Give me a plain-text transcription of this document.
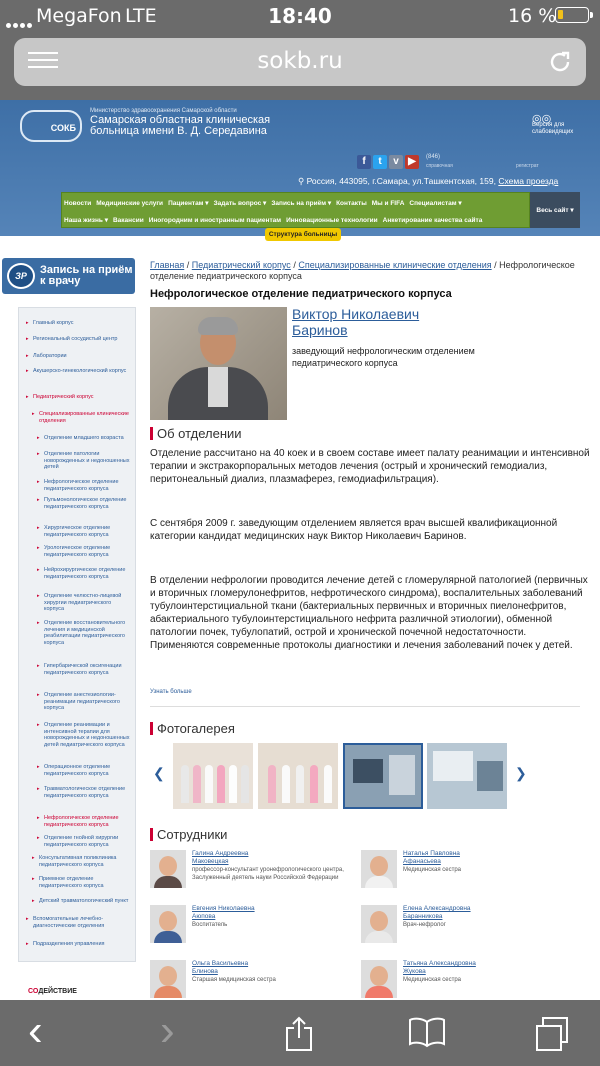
MegaFon LTE	18:40	16 %
sokb.ru
СОКБ
Министерство здравоохранения Самарской области
Самарская областная клиническая
больница имени В. Д. Середавина
◎◎
Версия для
слабовидящих
f t v ▶	(846)
справочная	регистрат
⚲ Россия, 443095, г.Самара, ул.Ташкентская, 159, Схема проезда
Новости Медицинские услуги Пациентам ▾ Задать вопрос ▾ Запись на приём ▾ Контакты Мы и FIFA Специалистам ▾
Наша жизнь ▾ Вакансии Иногородним и иностранным пациентам Инновационные технологии Анкетирование качества сайта
Весь сайт ▾
Структура больницы
ЗР	Запись на приём
к врачу
▸ Главный корпус
▸ Региональный сосудистый центр
▸ Лаборатории
▸ Акушерско-гинекологический корпус
▸ Педиатрический корпус
▸ Специализированные клинические отделения
▸ Отделение младшего возраста
▸ Отделение патологии новорожденных и недоношенных детей
▸ Нефрологическое отделение педиатрического корпуса
▸ Пульмонологическое отделение педиатрического корпуса
▸ Хирургическое отделение педиатрического корпуса
▸ Урологическое отделение педиатрического корпуса
▸ Нейрохирургическое отделение педиатрического корпуса
▸ Отделение челюстно-лицевой хирургии педиатрического корпуса
▸ Отделение восстановительного лечения и медицинской реабилитации педиатрического корпуса
▸ Гипербарической оксигенации педиатрического корпуса
▸ Отделение анестезиологии-реанимации педиатрического корпуса
▸ Отделение реанимации и интенсивной терапии для новорожденных и недоношенных детей педиатрического корпуса
▸ Операционное отделение педиатрического корпуса
▸ Травматологическое отделение педиатрического корпуса
▸ Нефрологическое отделение педиатрического корпуса
▸ Отделение гнойной хирургии педиатрического корпуса
▸ Консультативная поликлиника педиатрического корпуса
▸ Приемное отделение педиатрического корпуса
▸ Детский травматологический пункт
▸ Вспомогательные лечебно-диагностические отделения
▸ Подразделения управления
СОДЕЙСТВИЕ
Главная / Педиатрический корпус / Специализированные клинические отделения / Нефрологическое отделение педиатрического корпуса
Нефрологическое отделение педиатрического корпуса
Виктор Николаевич
Баринов
заведующий нефрологическим отделением педиатрического корпуса
Об отделении
Отделение рассчитано на 40 коек и в своем составе имеет палату реанимации и интенсивной терапии и экстракорпоральных методов лечения (острый и хронический гемодиализ, перитонеальный диализ, плазмаферез, гемодиафильтрация).
С сентября 2009 г. заведующим отделением является врач высшей квалификационной категории кандидат медицинских наук Виктор Николаевич Баринов.
В отделении нефрологии проводится лечение детей с гломерулярной патологией (первичных и вторичных гломерулонефритов, нефротического синдрома), воспалительных заболеваний тубулоинтерстициальной ткани (бактериальных первичных и вторичных пиелонефритов, абактериального тубулоинтерстициального нефрита различной этиологии), обменной патологии почек, тубулопатий, острой и хронической почечной недостаточности. Применяются современные протоколы диагностики и лечения заболеваний почек у детей.
Узнать больше
Фотогалерея
❮	❯
Сотрудники
Галина Андреевна
Маковецкая
профессор-консультант уронефрологического центра, Заслуженный деятель науки Российской Федерации
Наталья Павловна
Афанасьева
Медицинская сестра
Евгения Николаевна
Аюпова
Воспитатель
Елена Александровна
Баранникова
Врач-нефролог
Ольга Васильевна
Блинова
Старшая медицинская сестра
Татьяна Александровна
Жукова
Медицинская сестра
‹	›
